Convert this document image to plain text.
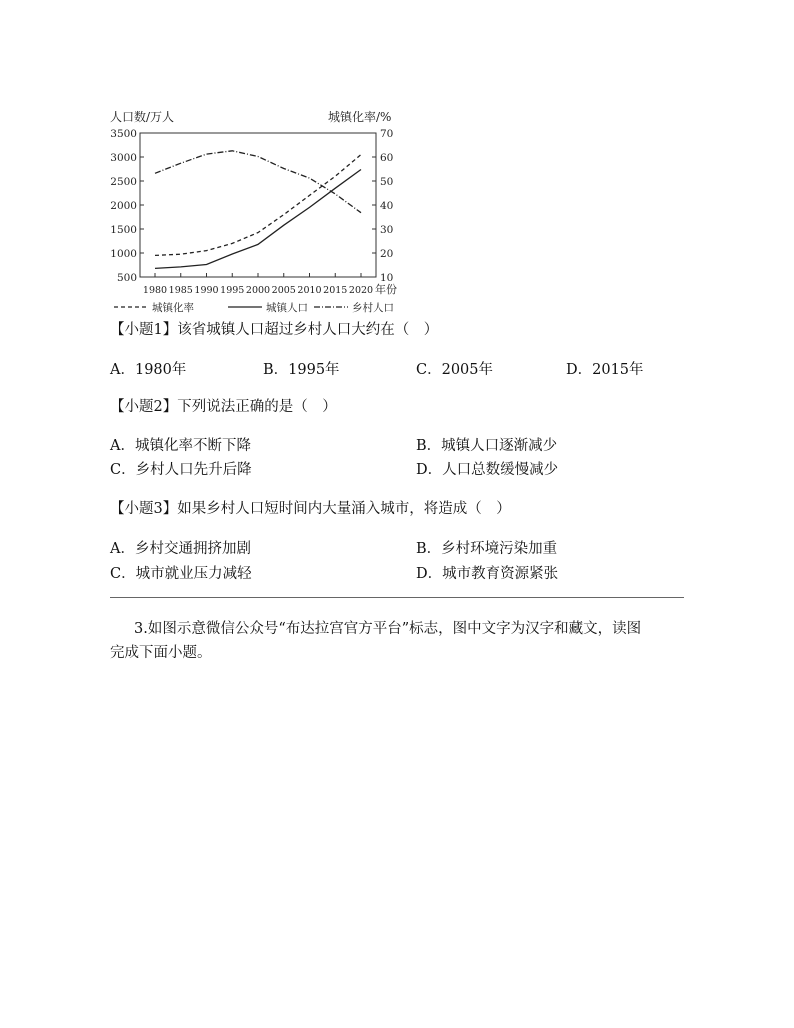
人口数/万人	城镇化率/%
500
1000
1500
2000
2500
3000
3500
10
20
30
40
50
60
70
1980 1985 1990 1995 2000 2005 2010 2015 2020 年份
城镇化率	城镇人口	乡村人口
【小题1】该省城镇人口超过乡村人口大约在（　）
A．1980年	B．1995年	C．2005年	D．2015年
【小题2】下列说法正确的是（　）
A．城镇化率不断下降	B．城镇人口逐渐减少
C．乡村人口先升后降	D．人口总数缓慢减少
【小题3】如果乡村人口短时间内大量涌入城市，将造成（　）
A．乡村交通拥挤加剧	B．乡村环境污染加重
C．城市就业压力减轻	D．城市教育资源紧张
3.如图示意微信公众号“布达拉宫官方平台”标志，图中文字为汉字和藏文，读图
完成下面小题。
